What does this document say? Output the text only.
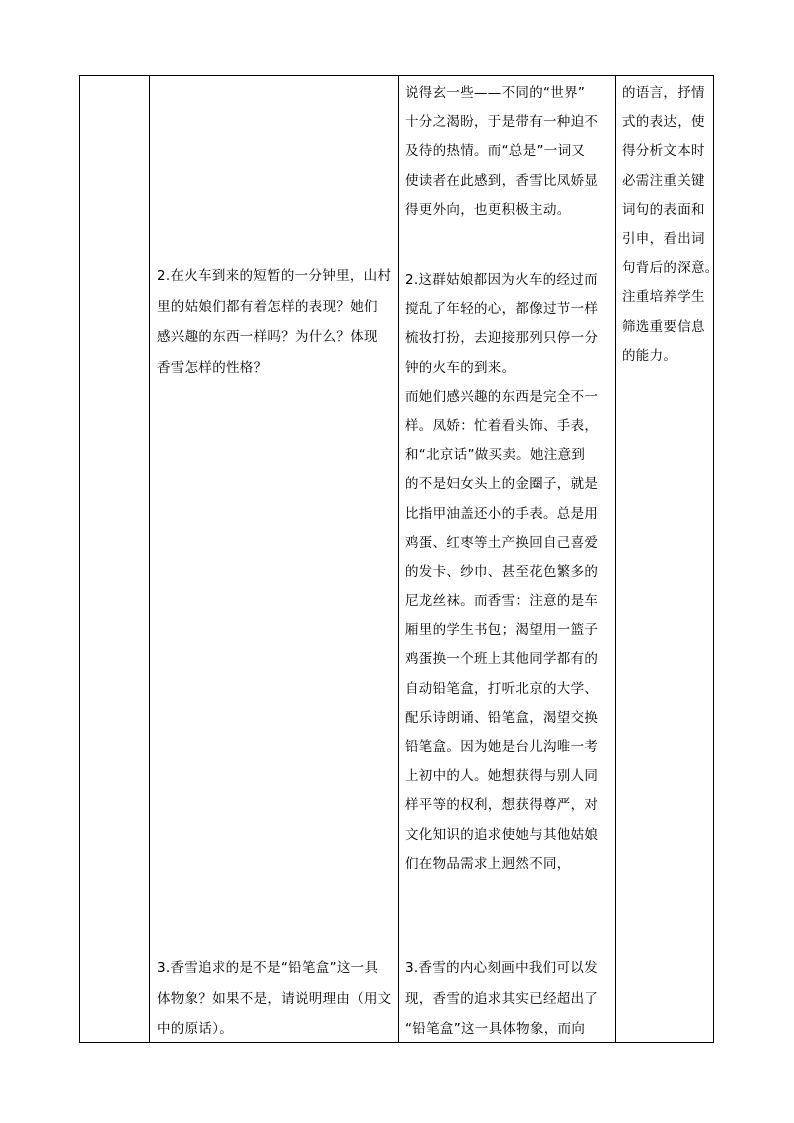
2.在火车到来的短暂的一分钟里，山村

里的姑娘们都有着怎样的表现？她们

感兴趣的东西一样吗？为什么？体现

香雪怎样的性格？

3.香雪追求的是不是“铅笔盒”这一具

体物象？如果不是，请说明理由（用文

中的原话）。

说得玄一些——不同的“世界”

十分之渴盼，于是带有一种迫不

及待的热情。而“总是”一词又

使读者在此感到，香雪比凤娇显

得更外向，也更积极主动。

2.这群姑娘都因为火车的经过而

搅乱了年轻的心，都像过节一样

梳妆打扮，去迎接那列只停一分

钟的火车的到来。

而她们感兴趣的东西是完全不一

样。凤娇：忙着看头饰、手表，

和“北京话”做买卖。她注意到

的不是妇女头上的金圈子，就是

比指甲油盖还小的手表。总是用

鸡蛋、红枣等土产换回自己喜爱

的发卡、纱巾、甚至花色繁多的

尼龙丝袜。而香雪：注意的是车

厢里的学生书包；渴望用一篮子

鸡蛋换一个班上其他同学都有的

自动铅笔盒，打听北京的大学、

配乐诗朗诵、铅笔盒，渴望交换

铅笔盒。因为她是台儿沟唯一考

上初中的人。她想获得与别人同

样平等的权利，想获得尊严，对

文化知识的追求使她与其他姑娘

们在物品需求上迥然不同，

3.香雪的内心刻画中我们可以发

现，香雪的追求其实已经超出了

“铅笔盒”这一具体物象，而向

的语言，抒情

式的表达，使

得分析文本时

必需注重关键

词句的表面和

引申，看出词

句背后的深意。

注重培养学生

筛选重要信息

的能力。
